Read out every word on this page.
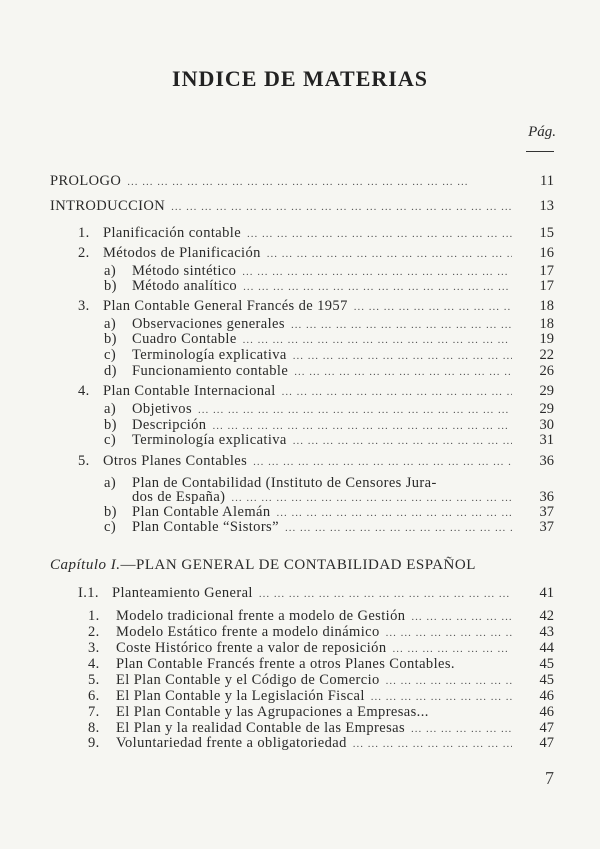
INDICE DE MATERIAS
Pág.
PROLOGO ... .	11
INTRODUCCION ... .	13
1. Planificación contable ... .	15
2. Métodos de Planificación ... .	16
a)	Método sintético ... .	17
b)	Método analítico ... .	17
3. Plan Contable General Francés de 1957 ... .	18
a)	Observaciones generales ... .	18
b)	Cuadro Contable ... .	19
c)	Terminología explicativa ... .	22
d)	Funcionamiento contable ... .	26
4. Plan Contable Internacional ... .	29
a)	Objetivos ... .	29
b)	Descripción ... .	30
c)	Terminología explicativa ... .	31
5. Otros Planes Contables ... .	36
a)	Plan de Contabilidad (Instituto de Censores Jura-
dos de España) ... .	36
b)	Plan Contable Alemán ... .	37
c)	Plan Contable “Sistors” ... .	37
I.1. Planteamiento General ... .	41
1.	Modelo tradicional frente a modelo de Gestión ... .	42
2.	Modelo Estático frente a modelo dinámico ... .	43
3.	Coste Histórico frente a valor de reposición ... .	44
4.	Plan Contable Francés frente a otros Planes Contables.	45
5.	El Plan Contable y el Código de Comercio ... .	45
6.	El Plan Contable y la Legislación Fiscal ... .	46
7.	El Plan Contable y las Agrupaciones a Empresas...	46
8.	El Plan y la realidad Contable de las Empresas ... .	47
9.	Voluntariedad frente a obligatoriedad ... .	47
Capítulo I.—PLAN GENERAL DE CONTABILIDAD ESPAÑOL
7
